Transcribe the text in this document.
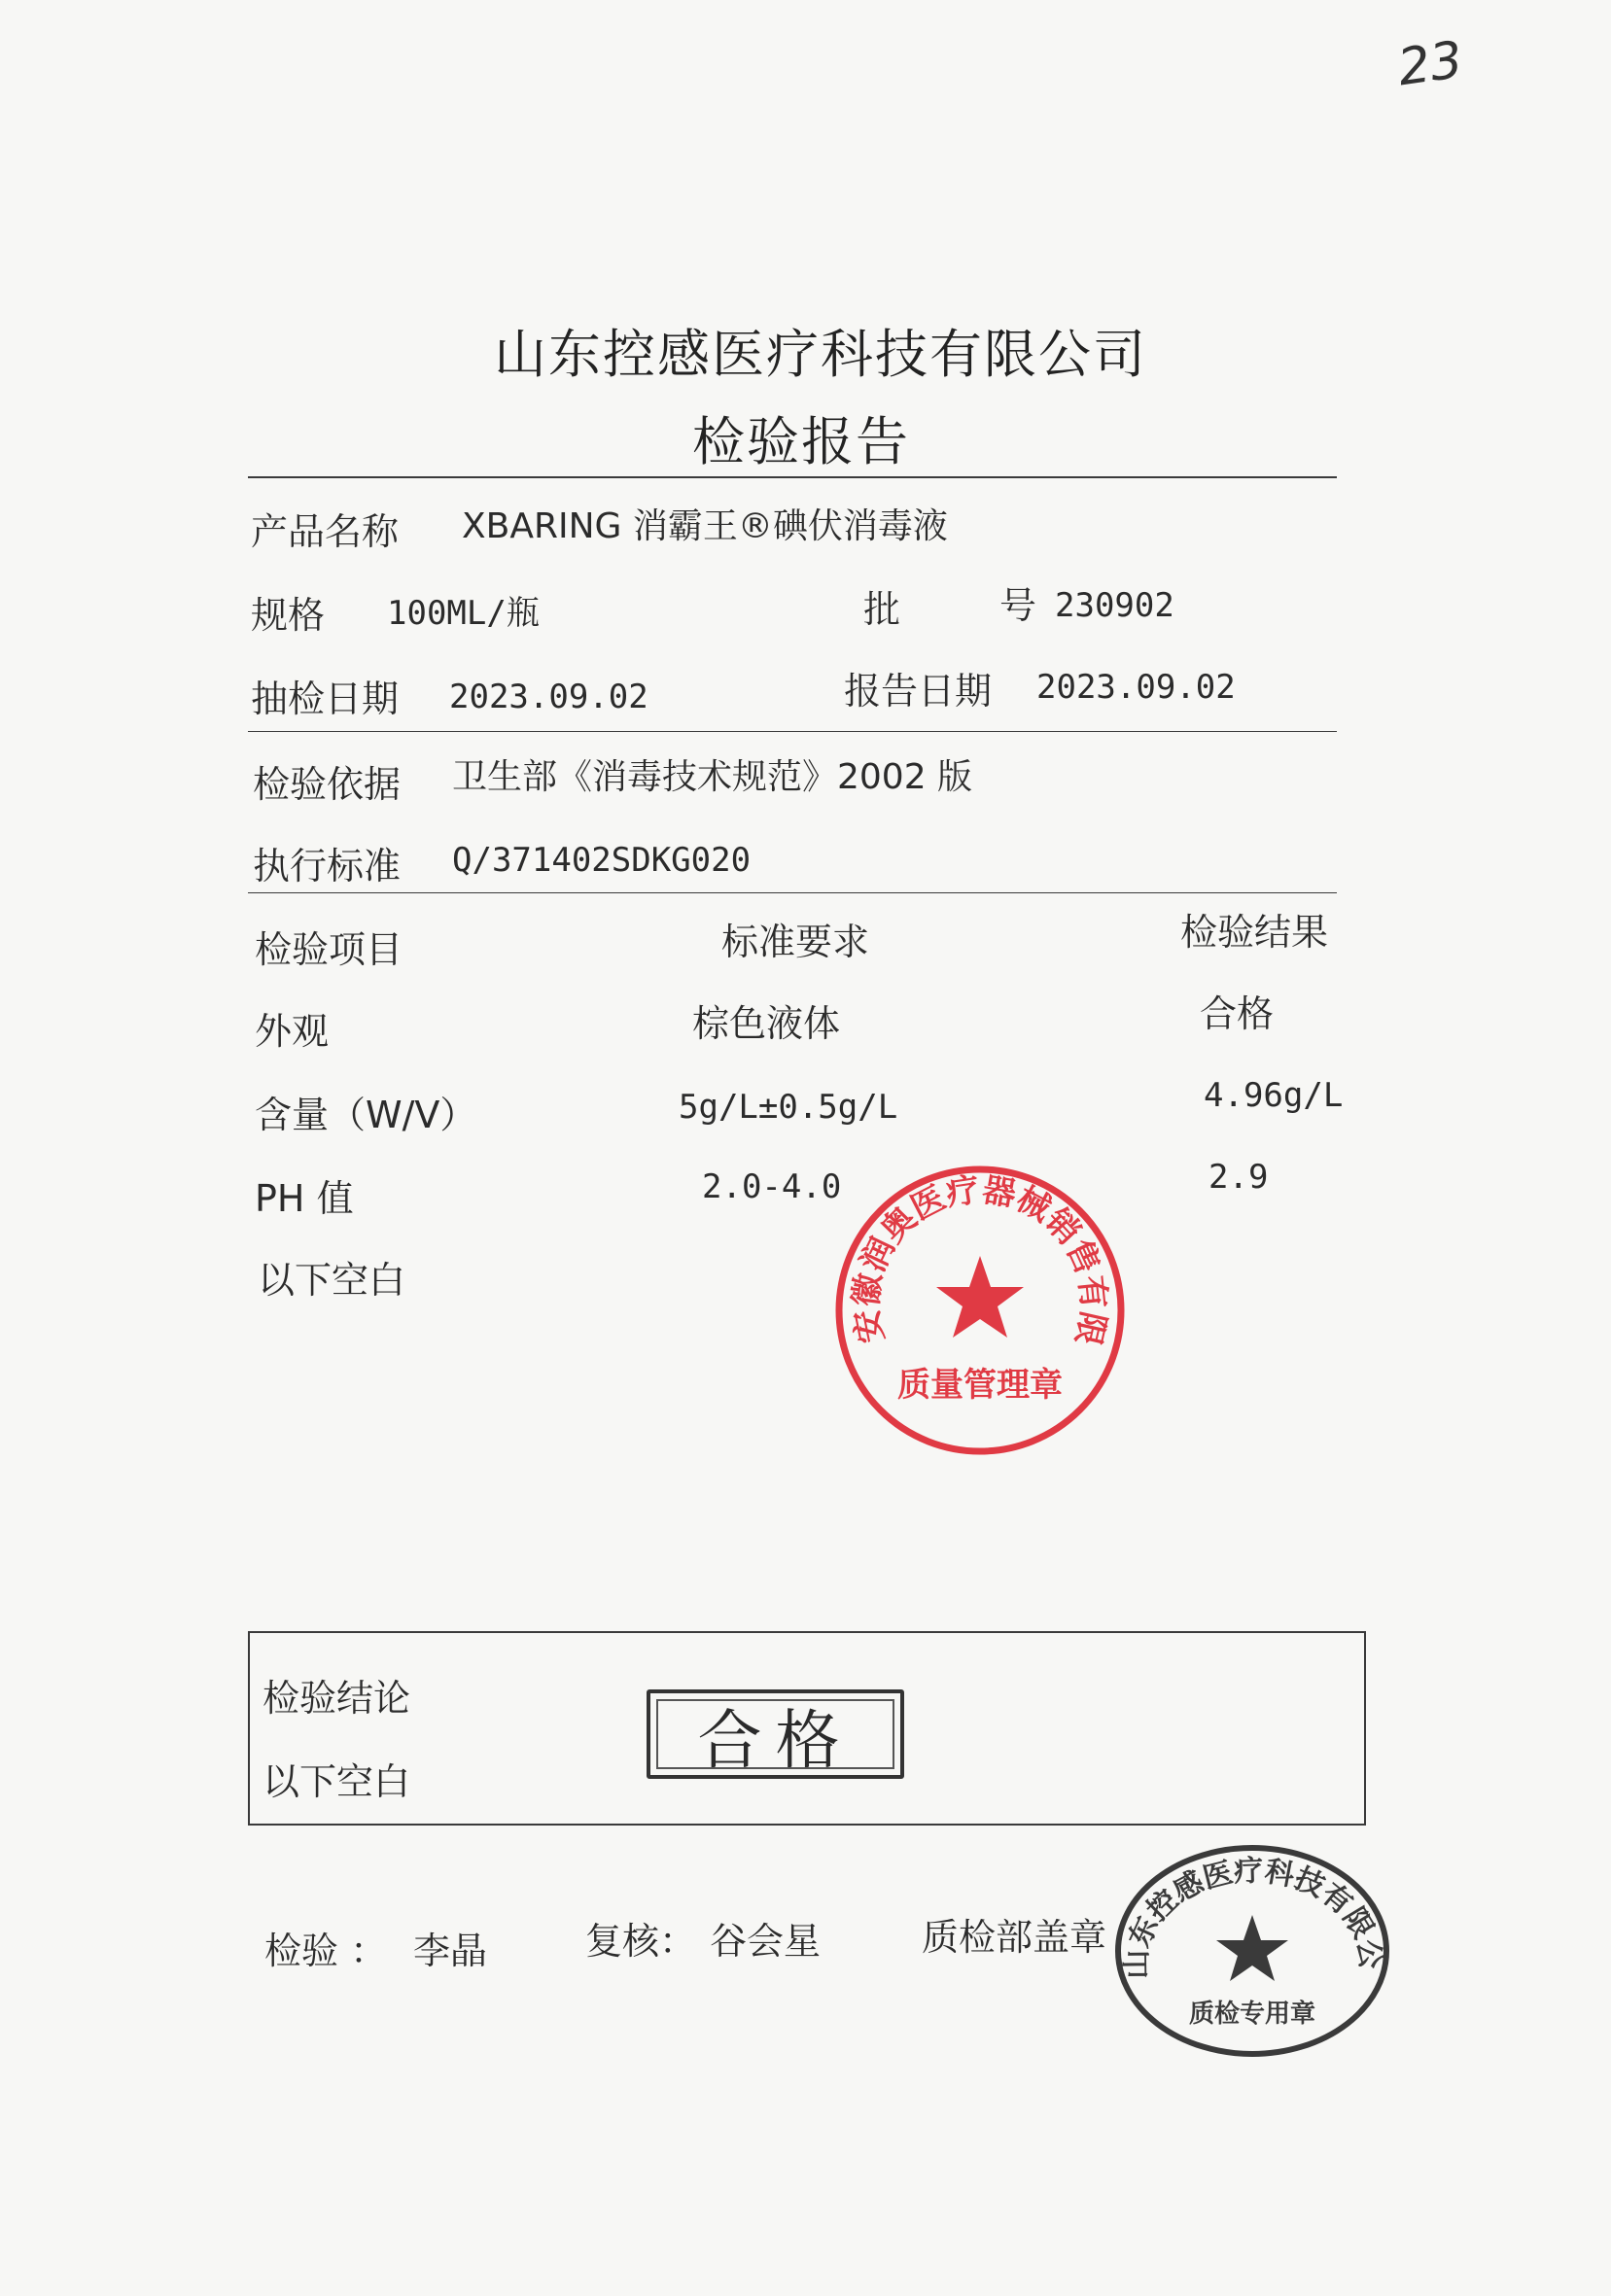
23
山东控感医疗科技有限公司
检验报告
产品名称 XBARING 消霸王®碘伏消毒液
规格 100ML/瓶	批	号 230902
抽检日期 2023.09.02	报告日期 2023.09.02
检验依据 卫生部《消毒技术规范》2002 版
执行标准 Q/371402SDKG020
检验项目	标准要求	检验结果
外观	棕色液体	合格
含量（W/V）	5g/L±0.5g/L	4.96g/L
PH 值	2.0-4.0	2.9
以下空白
安徽润奥医疗器械销售有限公司
质量管理章
检验结论
合格
以下空白
检验 ： 李晶	复核： 谷会星	质检部盖章
山东控感医疗科技有限公司
质检专用章
